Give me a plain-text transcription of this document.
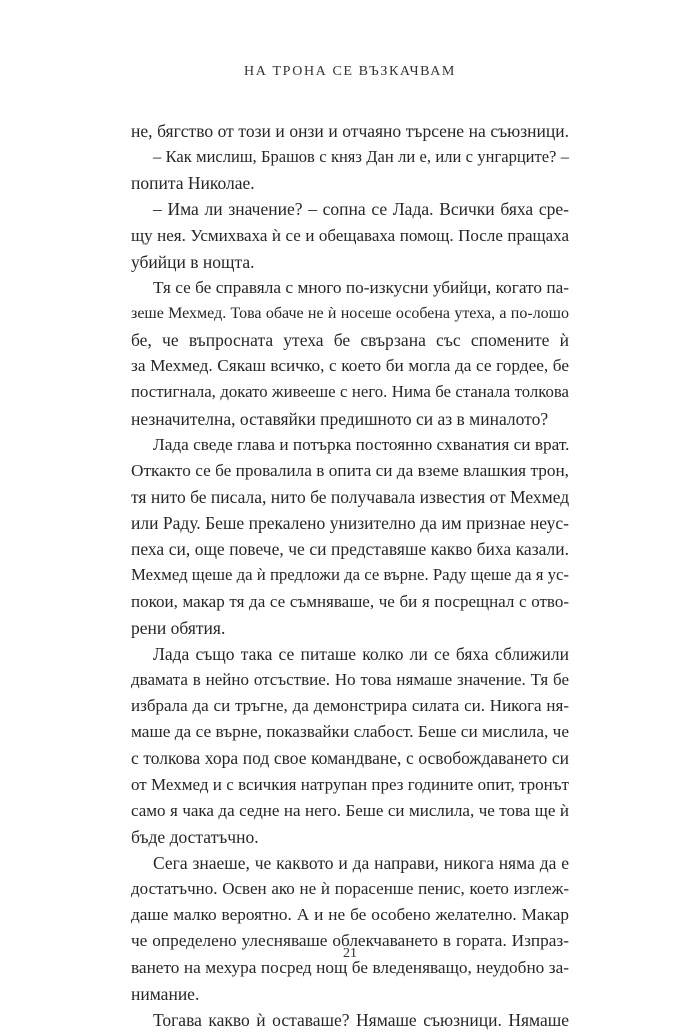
НА ТРОНА СЕ ВЪЗКАЧВАМ
не, бягство от този и онзи и отчаяно търсене на съюзници.
– Как мислиш, Брашов с княз Дан ли е, или с унгарците? –
попита Николае.
– Има ли значение? – сопна се Лада. Всички бяха сре-
щу нея. Усмихваха ѝ се и обещаваха помощ. После пращаха
убийци в нощта.
Тя се бе справяла с много по-изкусни убийци, когато па-
зеше Мехмед. Това обаче не ѝ носеше особена утеха, а по-лошо
бе, че въпросната утеха бе свързана със спомените ѝ
за Мехмед. Сякаш всичко, с което би могла да се гордее, бе
постигнала, докато живееше с него. Нима бе станала толкова
незначителна, оставяйки предишното си аз в миналото?
Лада сведе глава и потърка постоянно схванатия си врат.
Откакто се бе провалила в опита си да вземе влашкия трон,
тя нито бе писала, нито бе получавала известия от Мехмед
или Раду. Беше прекалено унизително да им признае неус-
пеха си, още повече, че си представяше какво биха казали.
Мехмед щеше да ѝ предложи да се върне. Раду щеше да я ус-
покои, макар тя да се съмняваше, че би я посрещнал с отво-
рени обятия.
Лада също така се питаше колко ли се бяха сближили
двамата в нейно отсъствие. Но това нямаше значение. Тя бе
избрала да си тръгне, да демонстрира силата си. Никога ня-
маше да се върне, показвайки слабост. Беше си мислила, че
с толкова хора под свое командване, с освобождаването си
от Мехмед и с всичкия натрупан през годините опит, тронът
само я чака да седне на него. Беше си мислила, че това ще ѝ
бъде достатъчно.
Сега знаеше, че каквото и да направи, никога няма да е
достатъчно. Освен ако не ѝ порасенше пенис, което изглеж-
даше малко вероятно. А и не бе особено желателно. Макар
че определено улесняваше облекчаването в гората. Изпраз-
ването на мехура посред нощ бе вледеняващо, неудобно за-
нимание.
Тогава какво ѝ оставаше? Нямаше съюзници. Нямаше
21
